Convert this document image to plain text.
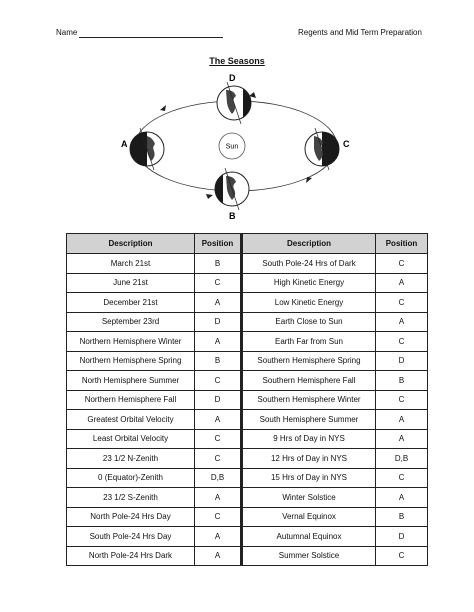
Name	Regents and Mid Term Preparation
The Seasons
Sun
A
B
C
D
Description	Position	Description	Position
March 21st	B	South Pole-24 Hrs of Dark	C
June 21st	C	High Kinetic Energy	A
December 21st	A	Low Kinetic Energy	C
September 23rd	D	Earth Close to Sun	A
Northern Hemisphere Winter	A	Earth Far from Sun	C
Northern Hemisphere Spring	B	Southern Hemisphere Spring	D
North Hemisphere Summer	C	Southern Hemisphere Fall	B
Northern Hemisphere Fall	D	Southern Hemisphere Winter	C
Greatest Orbital Velocity	A	South Hemisphere Summer	A
Least Orbital Velocity	C	9 Hrs of Day in NYS	A
23 1/2 N-Zenith	C	12 Hrs of Day in NYS	D,B
0 (Equator)-Zenith	D,B	15 Hrs of Day in NYS	C
23 1/2 S-Zenith	A	Winter Solstice	A
North Pole-24 Hrs Day	C	Vernal Equinox	B
South Pole-24 Hrs Day	A	Autumnal Equinox	D
North Pole-24 Hrs Dark	A	Summer Solstice	C
